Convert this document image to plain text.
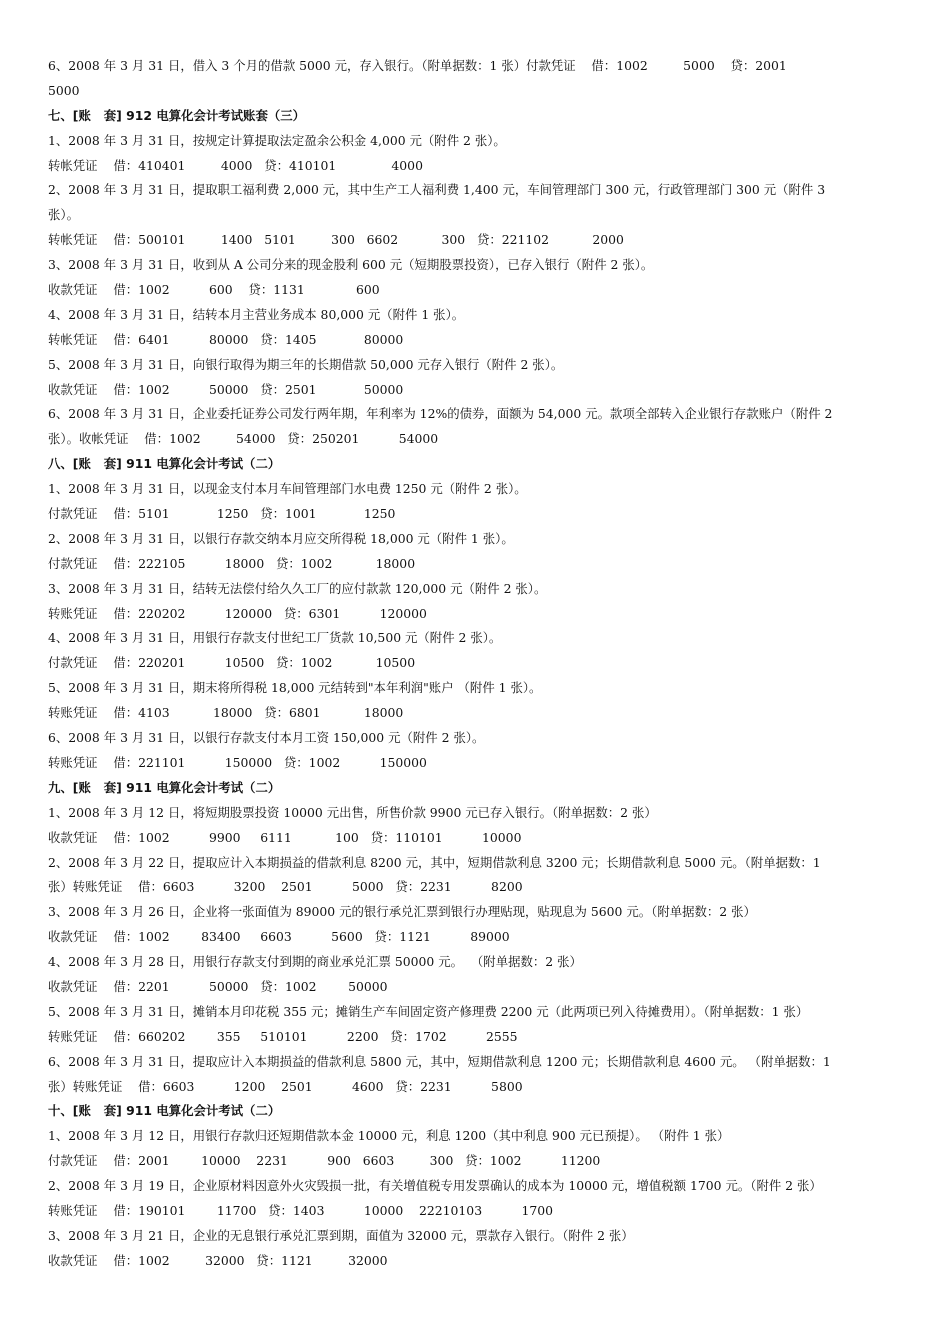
6、2008 年 3 月 31 日，借入 3 个月的借款 5000 元，存入银行。（附单据数：1 张）付款凭证    借：1002         5000    贷：2001
5000
七、[账   套] 912 电算化会计考试账套（三）
1、2008 年 3 月 31 日，按规定计算提取法定盈余公积金 4,000 元（附件 2 张）。
转帐凭证    借：410401         4000   贷：410101              4000
2、2008 年 3 月 31 日，提取职工福利费 2,000 元，其中生产工人福利费 1,400 元，车间管理部门 300 元，行政管理部门 300 元（附件 3
张）。
转帐凭证    借：500101         1400   5101         300   6602           300   贷：221102           2000
3、2008 年 3 月 31 日，收到从 A 公司分来的现金股利 600 元（短期股票投资），已存入银行（附件 2 张）。
收款凭证    借：1002          600    贷：1131             600
4、2008 年 3 月 31 日，结转本月主营业务成本 80,000 元（附件 1 张）。
转帐凭证    借：6401          80000   贷：1405            80000
5、2008 年 3 月 31 日，向银行取得为期三年的长期借款 50,000 元存入银行（附件 2 张）。
收款凭证    借：1002          50000   贷：2501            50000
6、2008 年 3 月 31 日，企业委托证券公司发行两年期，年利率为 12%的债券，面额为 54,000 元。款项全部转入企业银行存款账户（附件 2
张）。收帐凭证    借：1002         54000   贷：250201          54000
八、[账   套] 911 电算化会计考试（二）
1、2008 年 3 月 31 日，以现金支付本月车间管理部门水电费 1250 元（附件 2 张）。
付款凭证    借：5101            1250   贷：1001            1250
2、2008 年 3 月 31 日，以银行存款交纳本月应交所得税 18,000 元（附件 1 张）。
付款凭证    借：222105          18000   贷：1002           18000
3、2008 年 3 月 31 日，结转无法偿付给久久工厂的应付款款 120,000 元（附件 2 张）。
转账凭证    借：220202          120000   贷：6301          120000
4、2008 年 3 月 31 日，用银行存款支付世纪工厂货款 10,500 元（附件 2 张）。
付款凭证    借：220201          10500   贷：1002           10500
5、2008 年 3 月 31 日，期末将所得税 18,000 元结转到"本年利润"账户 （附件 1 张）。
转账凭证    借：4103           18000   贷：6801           18000
6、2008 年 3 月 31 日，以银行存款支付本月工资 150,000 元（附件 2 张）。
转账凭证    借：221101          150000   贷：1002          150000
九、[账   套] 911 电算化会计考试（二）
1、2008 年 3 月 12 日，将短期股票投资 10000 元出售，所售价款 9900 元已存入银行。（附单据数：2 张）
收款凭证    借：1002          9900     6111           100   贷：110101          10000
2、2008 年 3 月 22 日，提取应计入本期损益的借款利息 8200 元，其中，短期借款利息 3200 元；长期借款利息 5000 元。（附单据数：1
张）转账凭证    借：6603          3200    2501          5000   贷：2231          8200
3、2008 年 3 月 26 日，企业将一张面值为 89000 元的银行承兑汇票到银行办理贴现，贴现息为 5600 元。（附单据数：2 张）
收款凭证    借：1002        83400     6603          5600   贷：1121          89000
4、2008 年 3 月 28 日，用银行存款支付到期的商业承兑汇票 50000 元。  （附单据数：2 张）
收款凭证    借：2201          50000   贷：1002        50000
5、2008 年 3 月 31 日，摊销本月印花税 355 元；摊销生产车间固定资产修理费 2200 元（此两项已列入待摊费用）。（附单据数：1 张）
转账凭证    借：660202        355     510101          2200   贷：1702          2555
6、2008 年 3 月 31 日，提取应计入本期损益的借款利息 5800 元，其中，短期借款利息 1200 元；长期借款利息 4600 元。 （附单据数：1
张）转账凭证    借：6603          1200    2501          4600   贷：2231          5800
十、[账   套] 911 电算化会计考试（二）
1、2008 年 3 月 12 日，用银行存款归还短期借款本金 10000 元，利息 1200（其中利息 900 元已预提）。 （附件 1 张）
付款凭证    借：2001        10000    2231          900   6603         300   贷：1002          11200
2、2008 年 3 月 19 日，企业原材料因意外火灾毁损一批，有关增值税专用发票确认的成本为 10000 元，增值税额 1700 元。（附件 2 张）
转账凭证    借：190101        11700   贷：1403          10000    22210103          1700
3、2008 年 3 月 21 日，企业的无息银行承兑汇票到期，面值为 32000 元，票款存入银行。（附件 2 张）
收款凭证    借：1002         32000   贷：1121         32000
